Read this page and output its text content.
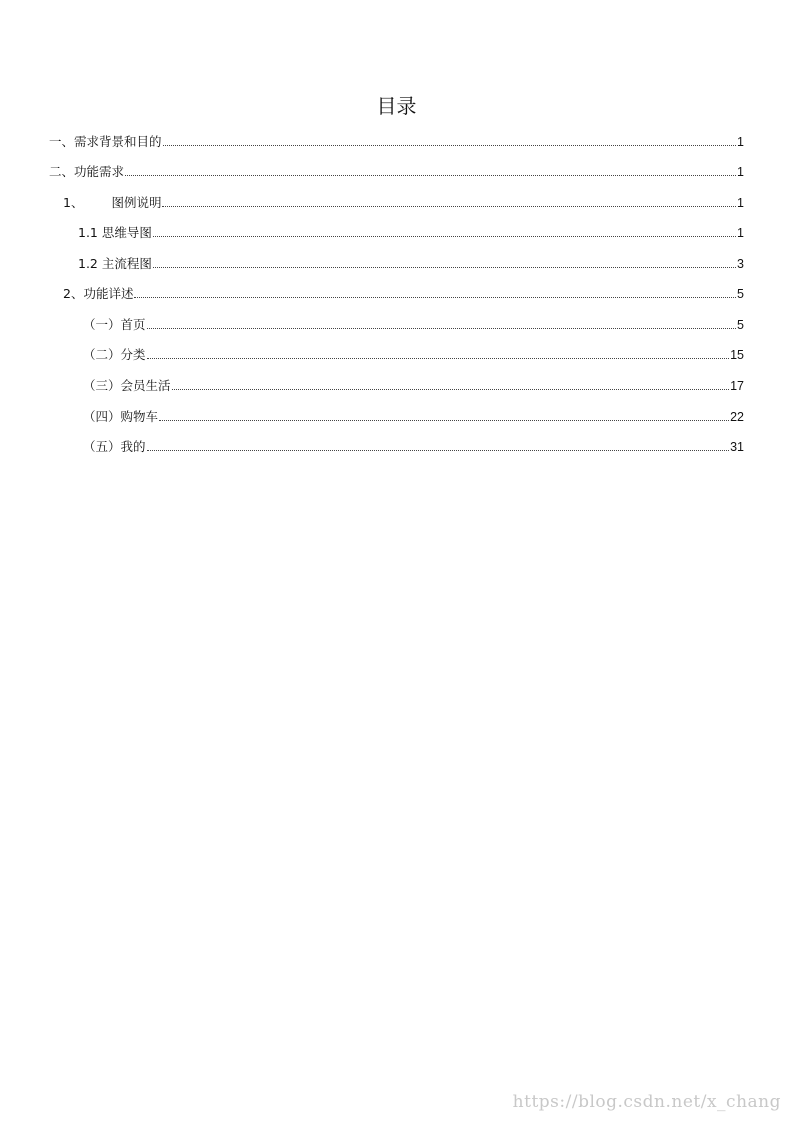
目录
一、 需求背景和目的	1
二、 功能需求	1
1、 图例说明	1
1.1 思维导图	1
1.2 主流程图	3
2、 功能详述	5
（一） 首页	5
（二） 分类	15
（三） 会员生活	17
（四） 购物车	22
（五） 我的	31
https://blog.csdn.net/x_chang
